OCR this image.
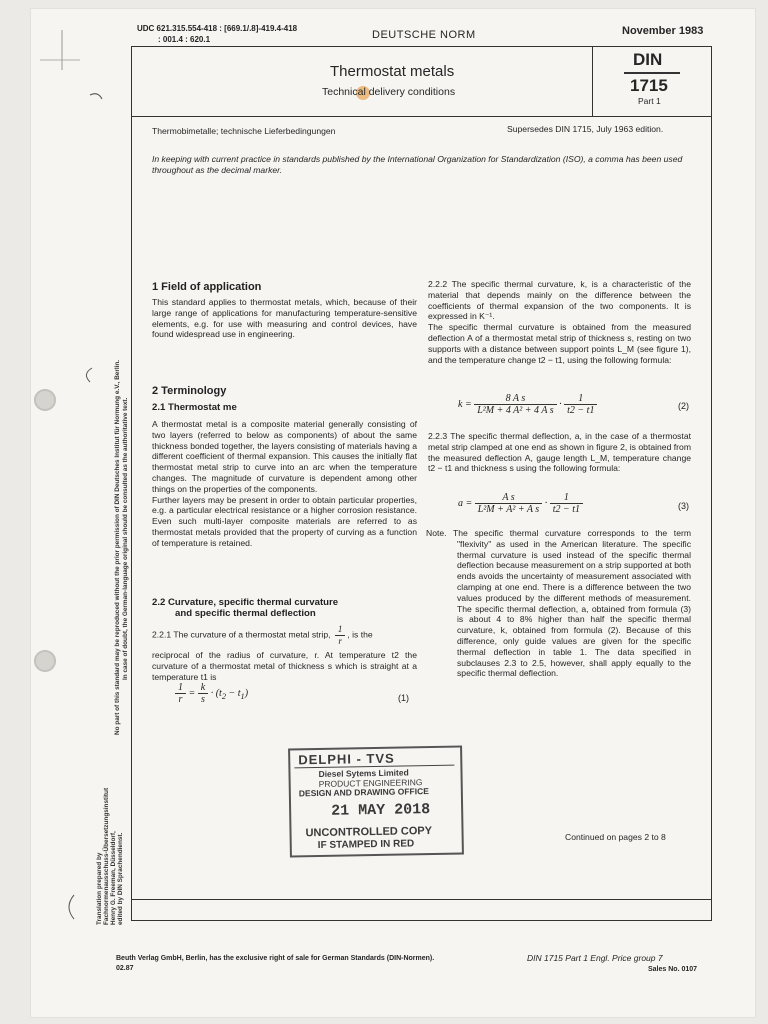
UDC 621.315.554-418 : [669.1/.8]-419.4-418
: 001.4 : 620.1	DEUTSCHE NORM	November 1983
Thermostat metals
Technical delivery conditions
DIN
1715
Part 1
Thermobimetalle; technische Lieferbedingungen	Supersedes DIN 1715, July 1963 edition.
In keeping with current practice in standards published by the International Organization for Standardization (ISO), a comma has been used throughout as the decimal marker.
1 Field of application

This standard applies to thermostat metals, which, because of their large range of applications for manufacturing temperature-sensitive elements, e.g. for use with measuring and control devices, have found widespread use in engineering.

2 Terminology
2.1 Thermostat me

A thermostat metal is a composite material generally consisting of two layers (referred to below as components) of about the same thickness bonded together, the layers consisting of materials having a different coefficient of thermal expansion. This causes the initially flat thermostat metal strip to curve into an arc when the temperature changes. The magnitude of curvature is dependent among other things on the properties of the components.

Further layers may be present in order to obtain particular properties, e.g. a particular electrical resistance or a higher corrosion resistance. Even such multi-layer composite materials are referred to as thermostat metals provided that the property of curving as a function of temperature is retained.

2.2 Curvature, specific thermal curvature
and specific thermal deflection
2.2.1 The curvature of a thermostat metal strip, $\frac{1}{r}$ , is the

reciprocal of the radius of curvature, r. At temperature t2 the curvature of a thermostat metal of thickness s which is straight at a temperature t1 is

$\frac{1}{r} = \frac{k}{s} \cdot (t_2 - t_1)$	(1)

2.2.2 The specific thermal curvature, k, is a characteristic of the material that depends mainly on the difference between the coefficients of thermal expansion of the two components. It is expressed in K⁻¹.

The specific thermal curvature is obtained from the measured deflection A of a thermostat metal strip of thickness s, resting on two supports with a distance between support points L_M (see figure 1), and the temperature change t2 − t1, using the following formula:

$k = \frac{\text{8 A s}}{\text{L²M + 4 A² + 4 A s}} \cdot \frac{1}{t2 - t1}$	(2)

2.2.3 The specific thermal deflection, a, in the case of a thermostat metal strip clamped at one end as shown in figure 2, is obtained from the measured deflection A, gauge length L_M, temperature change t2 − t1 and thickness s using the following formula:

$a = \frac{\text{A s}}{\text{L²M + A² + A s}} \cdot \frac{1}{t2 - t1}$	(3)

Note. The specific thermal curvature corresponds to the term "flexivity" as used in the American literature. The specific thermal curvature is used instead of the specific thermal deflection because measurement on a strip supported at both ends avoids the uncertainty of measurement associated with clamping at one end. There is a difference between the two values produced by the different methods of measurement. The specific thermal deflection, a, obtained from formula (3) is about 4 to 8% higher than half the specific thermal curvature, k, obtained from formula (2). Because of this difference, only guide values are given for the specific thermal deflection in table 1. The data specified in subclauses 2.3 to 2.5, however, shall apply equally to the specific thermal deflection.

Continued on pages 2 to 8
DELPHI - TVS
Diesel Sytems Limited
PRODUCT ENGINEERING
DESIGN AND DRAWING OFFICE
21 MAY 2018
UNCONTROLLED COPY
IF STAMPED IN RED
No part of this standard may be reproduced without the prior permission of DIN Deutsches Institut für Normung e.V., Berlin. In case of doubt, the German-language original should be consulted as the authoritative text.
Translation prepared by Fachnormenausschuss-Übersetzungsinstitut Henry G. Freeman, Düsseldorf, edited by DIN Sprachendienst.
Beuth Verlag GmbH, Berlin, has the exclusive right of sale for German Standards (DIN-Normen).
02.87
DIN 1715 Part 1 Engl. Price group 7
Sales No. 0107
